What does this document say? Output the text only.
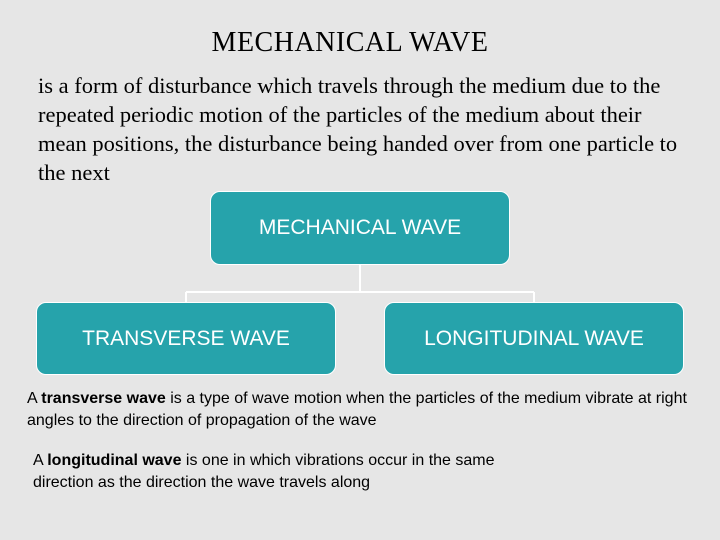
MECHANICAL WAVE
is a form of disturbance which travels through the medium due to the repeated periodic motion of the particles of the medium about their mean positions, the disturbance being handed over from one particle to the next
MECHANICAL WAVE
TRANSVERSE WAVE	LONGITUDINAL WAVE
A transverse wave is a type of wave motion when the particles of the medium vibrate at right angles to the direction of propagation of the wave
A longitudinal wave is one in which vibrations occur in the same direction as the direction the wave travels along
